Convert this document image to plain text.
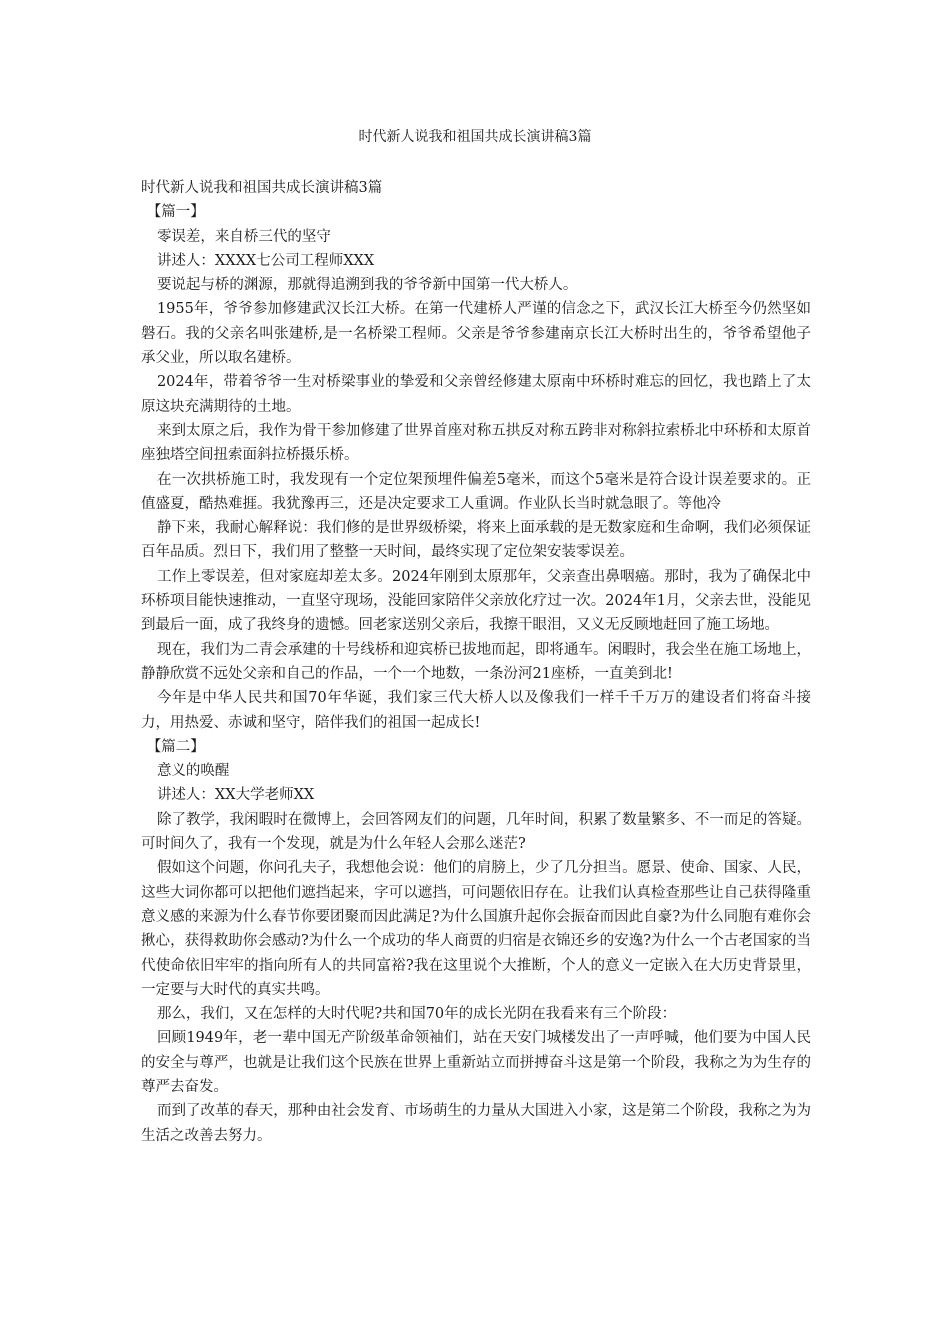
时代新人说我和祖国共成长演讲稿3篇

时代新人说我和祖国共成长演讲稿3篇

【篇一】

零误差，来自桥三代的坚守

讲述人：XXXX七公司工程师XXX

要说起与桥的渊源，那就得追溯到我的爷爷新中国第一代大桥人。

1955年，爷爷参加修建武汉长江大桥。在第一代建桥人严谨的信念之下，武汉长江大桥至今仍然坚如磐石。我的父亲名叫张建桥,是一名桥梁工程师。父亲是爷爷参建南京长江大桥时出生的，爷爷希望他子承父业，所以取名建桥。

2024年，带着爷爷一生对桥梁事业的挚爱和父亲曾经修建太原南中环桥时难忘的回忆，我也踏上了太原这块充满期待的土地。

来到太原之后，我作为骨干参加修建了世界首座对称五拱反对称五跨非对称斜拉索桥北中环桥和太原首座独塔空间扭索面斜拉桥摄乐桥。

在一次拱桥施工时，我发现有一个定位架预埋件偏差5毫米，而这个5毫米是符合设计误差要求的。正值盛夏，酷热难捱。我犹豫再三，还是决定要求工人重调。作业队长当时就急眼了。等他冷

静下来，我耐心解释说：我们修的是世界级桥梁，将来上面承载的是无数家庭和生命啊，我们必须保证百年品质。烈日下，我们用了整整一天时间，最终实现了定位架安装零误差。

工作上零误差，但对家庭却差太多。2024年刚到太原那年，父亲查出鼻咽癌。那时，我为了确保北中环桥项目能快速推动，一直坚守现场，没能回家陪伴父亲放化疗过一次。2024年1月，父亲去世，没能见到最后一面，成了我终身的遗憾。回老家送别父亲后，我擦干眼泪，又义无反顾地赶回了施工场地。

现在，我们为二青会承建的十号线桥和迎宾桥已拔地而起，即将通车。闲暇时，我会坐在施工场地上，静静欣赏不远处父亲和自己的作品，一个一个地数，一条汾河21座桥，一直美到北!

今年是中华人民共和国70年华诞，我们家三代大桥人以及像我们一样千千万万的建设者们将奋斗接力，用热爱、赤诚和坚守，陪伴我们的祖国一起成长!

【篇二】

意义的唤醒

讲述人：XX大学老师XX

除了教学，我闲暇时在微博上，会回答网友们的问题，几年时间，积累了数量繁多、不一而足的答疑。可时间久了，我有一个发现，就是为什么年轻人会那么迷茫?

假如这个问题，你问孔夫子，我想他会说：他们的肩膀上，少了几分担当。愿景、使命、国家、人民，这些大词你都可以把他们遮挡起来，字可以遮挡，可问题依旧存在。让我们认真检查那些让自己获得隆重意义感的来源为什么春节你要团聚而因此满足?为什么国旗升起你会振奋而因此自豪?为什么同胞有难你会揪心，获得救助你会感动?为什么一个成功的华人商贾的归宿是衣锦还乡的安逸?为什么一个古老国家的当代使命依旧牢牢的指向所有人的共同富裕?我在这里说个大推断，个人的意义一定嵌入在大历史背景里，一定要与大时代的真实共鸣。

那么，我们，又在怎样的大时代呢?共和国70年的成长光阴在我看来有三个阶段：

回顾1949年，老一辈中国无产阶级革命领袖们，站在天安门城楼发出了一声呼喊，他们要为中国人民的安全与尊严，也就是让我们这个民族在世界上重新站立而拼搏奋斗这是第一个阶段，我称之为为生存的尊严去奋发。

而到了改革的春天，那种由社会发育、市场萌生的力量从大国进入小家，这是第二个阶段，我称之为为生活之改善去努力。
